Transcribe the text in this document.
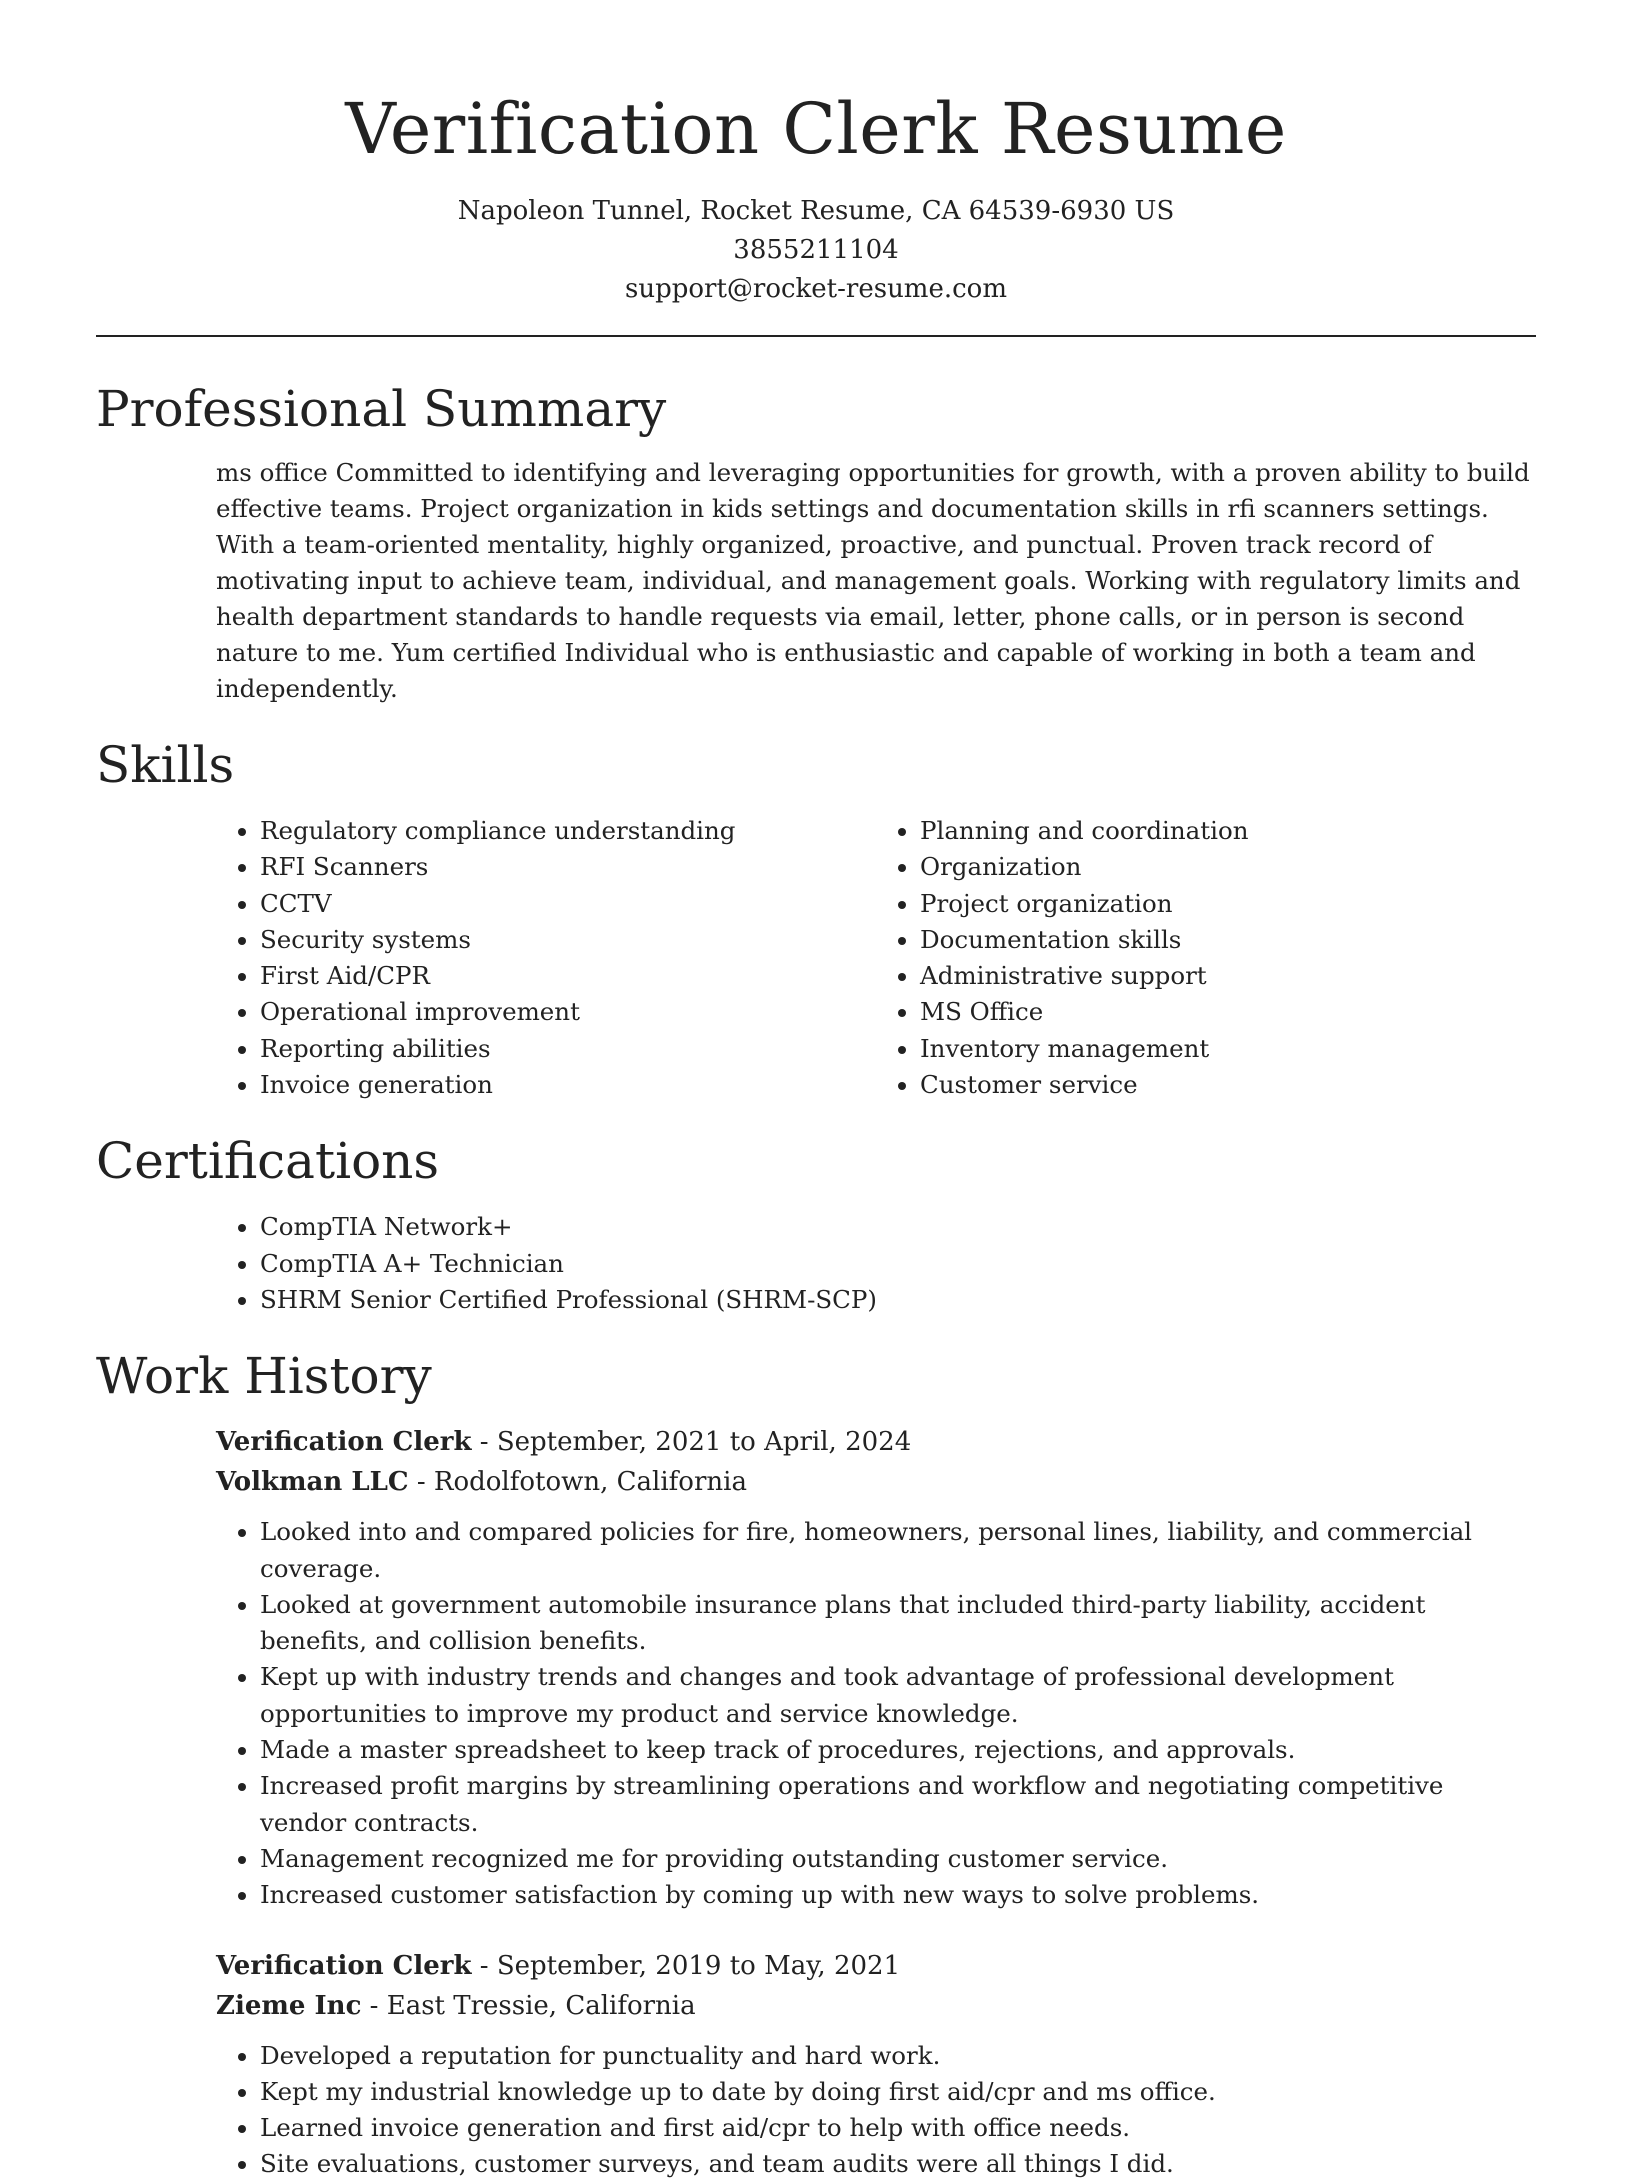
Verification Clerk Resume
Napoleon Tunnel, Rocket Resume, CA 64539-6930 US
3855211104
support@rocket-resume.com
Professional Summary

ms office Committed to identifying and leveraging opportunities for growth, with a proven ability to build effective teams. Project organization in kids settings and documentation skills in rfi scanners settings. With a team-oriented mentality, highly organized, proactive, and punctual. Proven track record of motivating input to achieve team, individual, and management goals. Working with regulatory limits and health department standards to handle requests via email, letter, phone calls, or in person is second nature to me. Yum certified Individual who is enthusiastic and capable of working in both a team and independently.

Skills
• Regulatory compliance understanding
• RFI Scanners
• CCTV
• Security systems
• First Aid/CPR
• Operational improvement
• Reporting abilities
• Invoice generation
• Planning and coordination
• Organization
• Project organization
• Documentation skills
• Administrative support
• MS Office
• Inventory management
• Customer service
Certifications
• CompTIA Network+
• CompTIA A+ Technician
• SHRM Senior Certified Professional (SHRM-SCP)
Work History
Verification Clerk - September, 2021 to April, 2024
Volkman LLC - Rodolfotown, California
• Looked into and compared policies for fire, homeowners, personal lines, liability, and commercial coverage.
• Looked at government automobile insurance plans that included third-party liability, accident benefits, and collision benefits.
• Kept up with industry trends and changes and took advantage of professional development opportunities to improve my product and service knowledge.
• Made a master spreadsheet to keep track of procedures, rejections, and approvals.
• Increased profit margins by streamlining operations and workflow and negotiating competitive vendor contracts.
• Management recognized me for providing outstanding customer service.
• Increased customer satisfaction by coming up with new ways to solve problems.
Verification Clerk - September, 2019 to May, 2021
Zieme Inc - East Tressie, California
• Developed a reputation for punctuality and hard work.
• Kept my industrial knowledge up to date by doing first aid/cpr and ms office.
• Learned invoice generation and first aid/cpr to help with office needs.
• Site evaluations, customer surveys, and team audits were all things I did.
